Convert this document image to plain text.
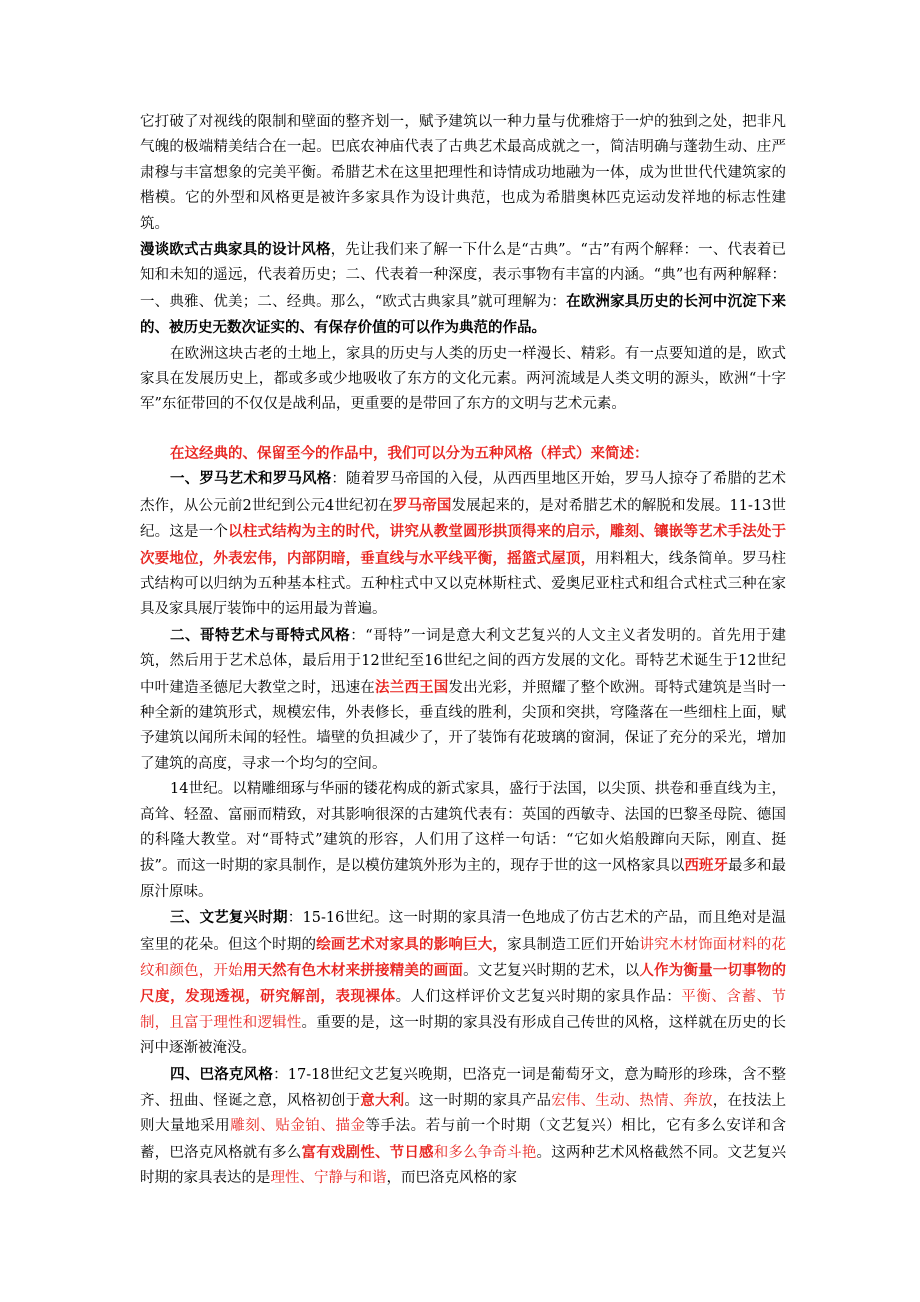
它打破了对视线的限制和壁面的整齐划一，赋予建筑以一种力量与优雅熔于一炉的独到之处，把非凡气魄的极端精美结合在一起。巴底农神庙代表了古典艺术最高成就之一，简洁明确与蓬勃生动、庄严肃穆与丰富想象的完美平衡。希腊艺术在这里把理性和诗情成功地融为一体，成为世世代代建筑家的楷模。它的外型和风格更是被许多家具作为设计典范，也成为希腊奥林匹克运动发祥地的标志性建筑。

漫谈欧式古典家具的设计风格，先让我们来了解一下什么是“古典”。“古”有两个解释：一、代表着已知和未知的遥远，代表着历史；二、代表着一种深度，表示事物有丰富的内涵。“典”也有两种解释：一、典雅、优美；二、经典。那么，“欧式古典家具”就可理解为：在欧洲家具历史的长河中沉淀下来的、被历史无数次证实的、有保存价值的可以作为典范的作品。

在欧洲这块古老的土地上，家具的历史与人类的历史一样漫长、精彩。有一点要知道的是，欧式家具在发展历史上，都或多或少地吸收了东方的文化元素。两河流域是人类文明的源头，欧洲“十字军”东征带回的不仅仅是战利品，更重要的是带回了东方的文明与艺术元素。

在这经典的、保留至今的作品中，我们可以分为五种风格（样式）来简述：

一、罗马艺术和罗马风格：随着罗马帝国的入侵，从西西里地区开始，罗马人掠夺了希腊的艺术杰作，从公元前2世纪到公元4世纪初在罗马帝国发展起来的，是对希腊艺术的解脱和发展。11-13世纪。这是一个以柱式结构为主的时代，讲究从教堂圆形拱顶得来的启示，雕刻、镶嵌等艺术手法处于次要地位，外表宏伟，内部阴暗，垂直线与水平线平衡，摇篮式屋顶，用料粗大，线条简单。罗马柱式结构可以归纳为五种基本柱式。五种柱式中又以克林斯柱式、爱奥尼亚柱式和组合式柱式三种在家具及家具展厅装饰中的运用最为普遍。

二、哥特艺术与哥特式风格：“哥特”一词是意大利文艺复兴的人文主义者发明的。首先用于建筑，然后用于艺术总体，最后用于12世纪至16世纪之间的西方发展的文化。哥特艺术诞生于12世纪中叶建造圣德尼大教堂之时，迅速在法兰西王国发出光彩，并照耀了整个欧洲。哥特式建筑是当时一种全新的建筑形式，规模宏伟，外表修长，垂直线的胜利，尖顶和突拱，穹隆落在一些细柱上面，赋予建筑以闻所未闻的轻性。墙壁的负担减少了，开了装饰有花玻璃的窗洞，保证了充分的采光，增加了建筑的高度，寻求一个均匀的空间。

14世纪。以精雕细琢与华丽的镂花构成的新式家具，盛行于法国，以尖顶、拱卷和垂直线为主，高耸、轻盈、富丽而精致，对其影响很深的古建筑代表有：英国的西敏寺、法国的巴黎圣母院、德国的科隆大教堂。对“哥特式”建筑的形容，人们用了这样一句话：“它如火焰般蹿向天际，刚直、挺拔”。而这一时期的家具制作，是以模仿建筑外形为主的，现存于世的这一风格家具以西班牙最多和最原汁原味。

三、文艺复兴时期：15-16世纪。这一时期的家具清一色地成了仿古艺术的产品，而且绝对是温室里的花朵。但这个时期的绘画艺术对家具的影响巨大，家具制造工匠们开始讲究木材饰面材料的花纹和颜色，开始用天然有色木材来拼接精美的画面。文艺复兴时期的艺术，以人作为衡量一切事物的尺度，发现透视，研究解剖，表现裸体。人们这样评价文艺复兴时期的家具作品：平衡、含蓄、节制，且富于理性和逻辑性。重要的是，这一时期的家具没有形成自己传世的风格，这样就在历史的长河中逐渐被淹没。

四、巴洛克风格：17-18世纪文艺复兴晚期，巴洛克一词是葡萄牙文，意为畸形的珍珠，含不整齐、扭曲、怪诞之意，风格初创于意大利。这一时期的家具产品宏伟、生动、热情、奔放，在技法上则大量地采用雕刻、贴金铂、描金等手法。若与前一个时期（文艺复兴）相比，它有多么安详和含蓄，巴洛克风格就有多么富有戏剧性、节日感和多么争奇斗艳。这两种艺术风格截然不同。文艺复兴时期的家具表达的是理性、宁静与和谐，而巴洛克风格的家
